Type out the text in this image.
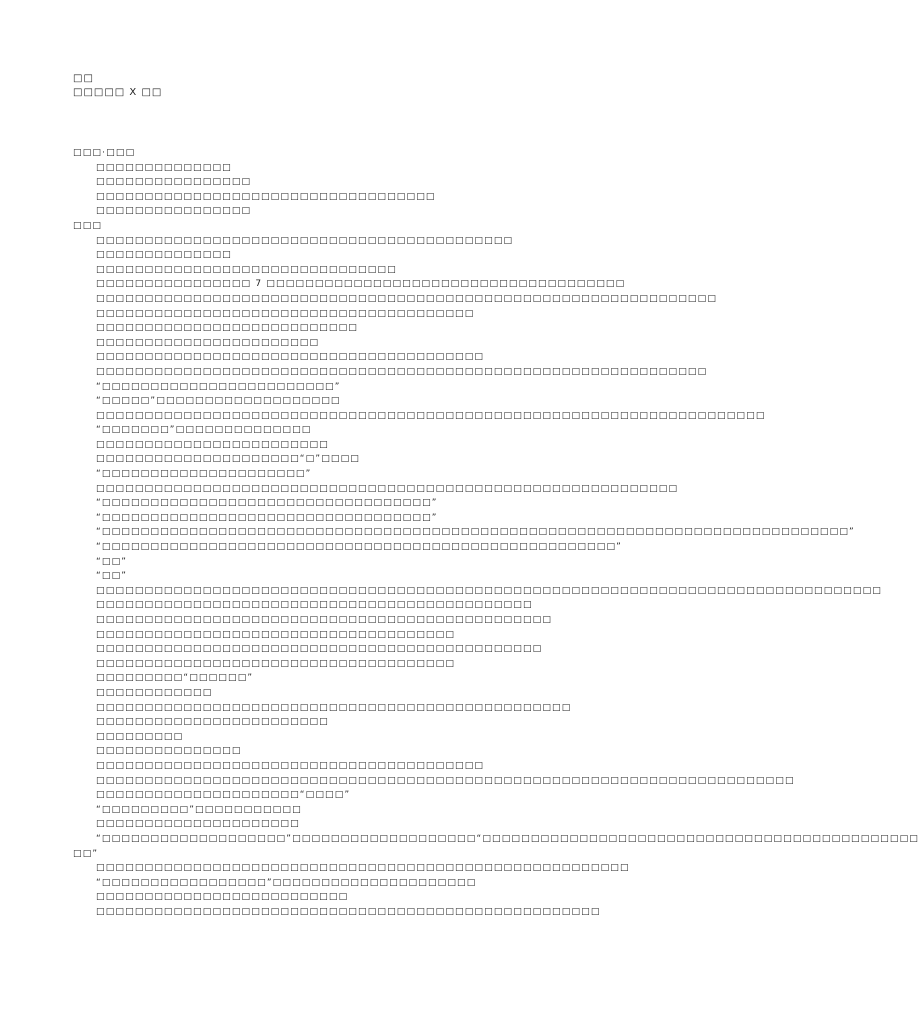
□□
□□□□□ X □□
□□□·□□□
□□□□□□□□□□□□□□
□□□□□□□□□□□□□□□□
□□□□□□□□□□□□□□□□□□□□□□□□□□□□□□□□□□□
□□□□□□□□□□□□□□□□
□□□
□□□□□□□□□□□□□□□□□□□□□□□□□□□□□□□□□□□□□□□□□□□
□□□□□□□□□□□□□□
□□□□□□□□□□□□□□□□□□□□□□□□□□□□□□□
□□□□□□□□□□□□□□□□ 7 □□□□□□□□□□□□□□□□□□□□□□□□□□□□□□□□□□□□□
□□□□□□□□□□□□□□□□□□□□□□□□□□□□□□□□□□□□□□□□□□□□□□□□□□□□□□□□□□□□□□□□
□□□□□□□□□□□□□□□□□□□□□□□□□□□□□□□□□□□□□□□
□□□□□□□□□□□□□□□□□□□□□□□□□□□
□□□□□□□□□□□□□□□□□□□□□□□
□□□□□□□□□□□□□□□□□□□□□□□□□□□□□□□□□□□□□□□□
□□□□□□□□□□□□□□□□□□□□□□□□□□□□□□□□□□□□□□□□□□□□□□□□□□□□□□□□□□□□□□□
“□□□□□□□□□□□□□□□□□□□□□□□□”
“□□□□□”□□□□□□□□□□□□□□□□□□□
□□□□□□□□□□□□□□□□□□□□□□□□□□□□□□□□□□□□□□□□□□□□□□□□□□□□□□□□□□□□□□□□□□□□□
“□□□□□□□”□□□□□□□□□□□□□□
□□□□□□□□□□□□□□□□□□□□□□□□
□□□□□□□□□□□□□□□□□□□□□“□”□□□□
“□□□□□□□□□□□□□□□□□□□□□”
□□□□□□□□□□□□□□□□□□□□□□□□□□□□□□□□□□□□□□□□□□□□□□□□□□□□□□□□□□□□
“□□□□□□□□□□□□□□□□□□□□□□□□□□□□□□□□□□”
“□□□□□□□□□□□□□□□□□□□□□□□□□□□□□□□□□□”
“□□□□□□□□□□□□□□□□□□□□□□□□□□□□□□□□□□□□□□□□□□□□□□□□□□□□□□□□□□□□□□□□□□□□□□□□□□□□□”
“□□□□□□□□□□□□□□□□□□□□□□□□□□□□□□□□□□□□□□□□□□□□□□□□□□□□□”
“□□”
“□□”
□□□□□□□□□□□□□□□□□□□□□□□□□□□□□□□□□□□□□□□□□□□□□□□□□□□□□□□□□□□□□□□□□□□□□□□□□□□□□□□□□
□□□□□□□□□□□□□□□□□□□□□□□□□□□□□□□□□□□□□□□□□□□□□
□□□□□□□□□□□□□□□□□□□□□□□□□□□□□□□□□□□□□□□□□□□□□□□
□□□□□□□□□□□□□□□□□□□□□□□□□□□□□□□□□□□□□
□□□□□□□□□□□□□□□□□□□□□□□□□□□□□□□□□□□□□□□□□□□□□□
□□□□□□□□□□□□□□□□□□□□□□□□□□□□□□□□□□□□□
□□□□□□□□□“□□□□□□”
□□□□□□□□□□□□
□□□□□□□□□□□□□□□□□□□□□□□□□□□□□□□□□□□□□□□□□□□□□□□□□
□□□□□□□□□□□□□□□□□□□□□□□□
□□□□□□□□□
□□□□□□□□□□□□□□□
□□□□□□□□□□□□□□□□□□□□□□□□□□□□□□□□□□□□□□□□
□□□□□□□□□□□□□□□□□□□□□□□□□□□□□□□□□□□□□□□□□□□□□□□□□□□□□□□□□□□□□□□□□□□□□□□□
□□□□□□□□□□□□□□□□□□□□□“□□□□”
“□□□□□□□□□”□□□□□□□□□□□
□□□□□□□□□□□□□□□□□□□□□
“□□□□□□□□□□□□□□□□□□□”□□□□□□□□□□□□□□□□□□□“□□□□□□□□□□□□□□□□□□□□□□□□□□□□□□□□□□□□□□□□□□□□□
□□”
□□□□□□□□□□□□□□□□□□□□□□□□□□□□□□□□□□□□□□□□□□□□□□□□□□□□□□□
“□□□□□□□□□□□□□□□□□”□□□□□□□□□□□□□□□□□□□□□
□□□□□□□□□□□□□□□□□□□□□□□□□□
□□□□□□□□□□□□□□□□□□□□□□□□□□□□□□□□□□□□□□□□□□□□□□□□□□□□
